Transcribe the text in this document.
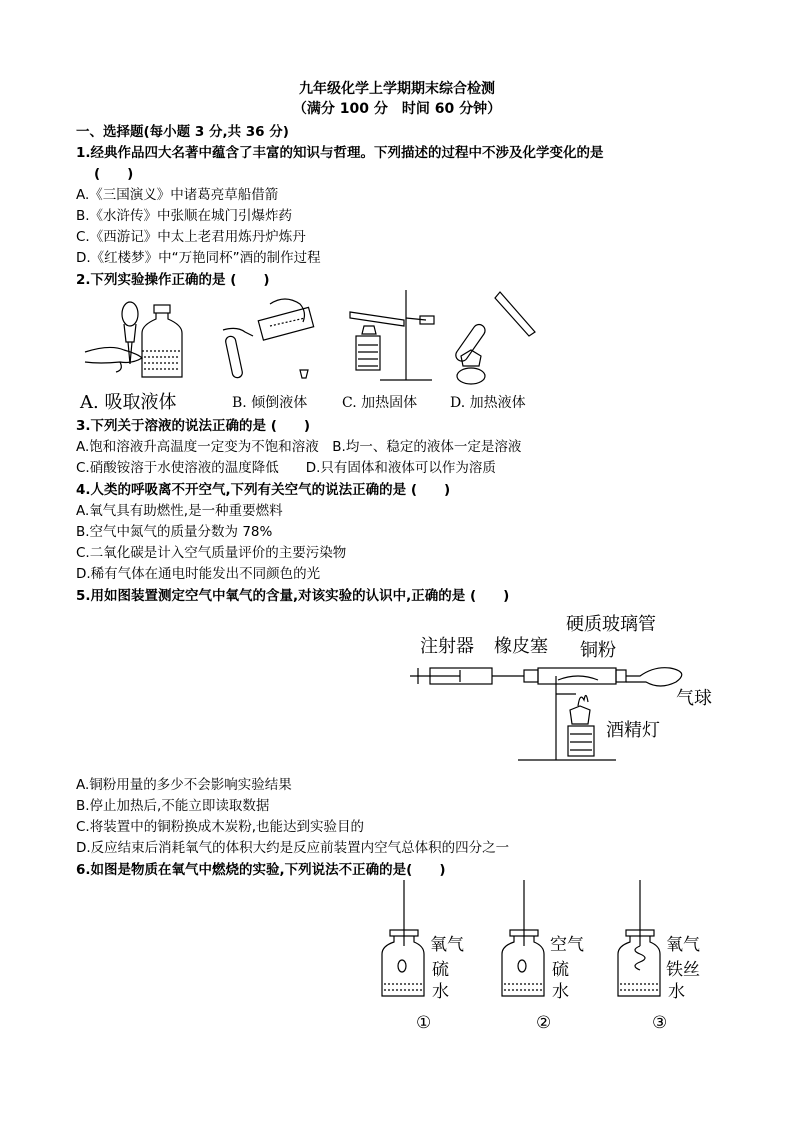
九年级化学上学期期末综合检测
（满分 100 分　时间 60 分钟）
一、选择题(每小题 3 分,共 36 分)
1.经典作品四大名著中蕴含了丰富的知识与哲理。下列描述的过程中不涉及化学变化的是
(　　)
A.《三国演义》中诸葛亮草船借箭
B.《水浒传》中张顺在城门引爆炸药
C.《西游记》中太上老君用炼丹炉炼丹
D.《红楼梦》中“万艳同杯”酒的制作过程
2.下列实验操作正确的是 (　　)
A. 吸取液体	B. 倾倒液体 C. 加热固体 D. 加热液体
3.下列关于溶液的说法正确的是 (　　)
A.饱和溶液升高温度一定变为不饱和溶液　B.均一、稳定的液体一定是溶液
C.硝酸铵溶于水使溶液的温度降低　　D.只有固体和液体可以作为溶质
4.人类的呼吸离不开空气,下列有关空气的说法正确的是 (　　)
A.氧气具有助燃性,是一种重要燃料
B.空气中氮气的质量分数为 78%
C.二氧化碳是计入空气质量评价的主要污染物
D.稀有气体在通电时能发出不同颜色的光
5.用如图装置测定空气中氧气的含量,对该实验的认识中,正确的是 (　　)
注射器 橡皮塞
硬质玻璃管
铜粉
气球
酒精灯
A.铜粉用量的多少不会影响实验结果
B.停止加热后,不能立即读取数据
C.将装置中的铜粉换成木炭粉,也能达到实验目的
D.反应结束后消耗氧气的体积大约是反应前装置内空气总体积的四分之一
6.如图是物质在氧气中燃烧的实验,下列说法不正确的是(　　)
氧气
硫
水
①
空气
硫
水
②
氧气
铁丝
水
③
